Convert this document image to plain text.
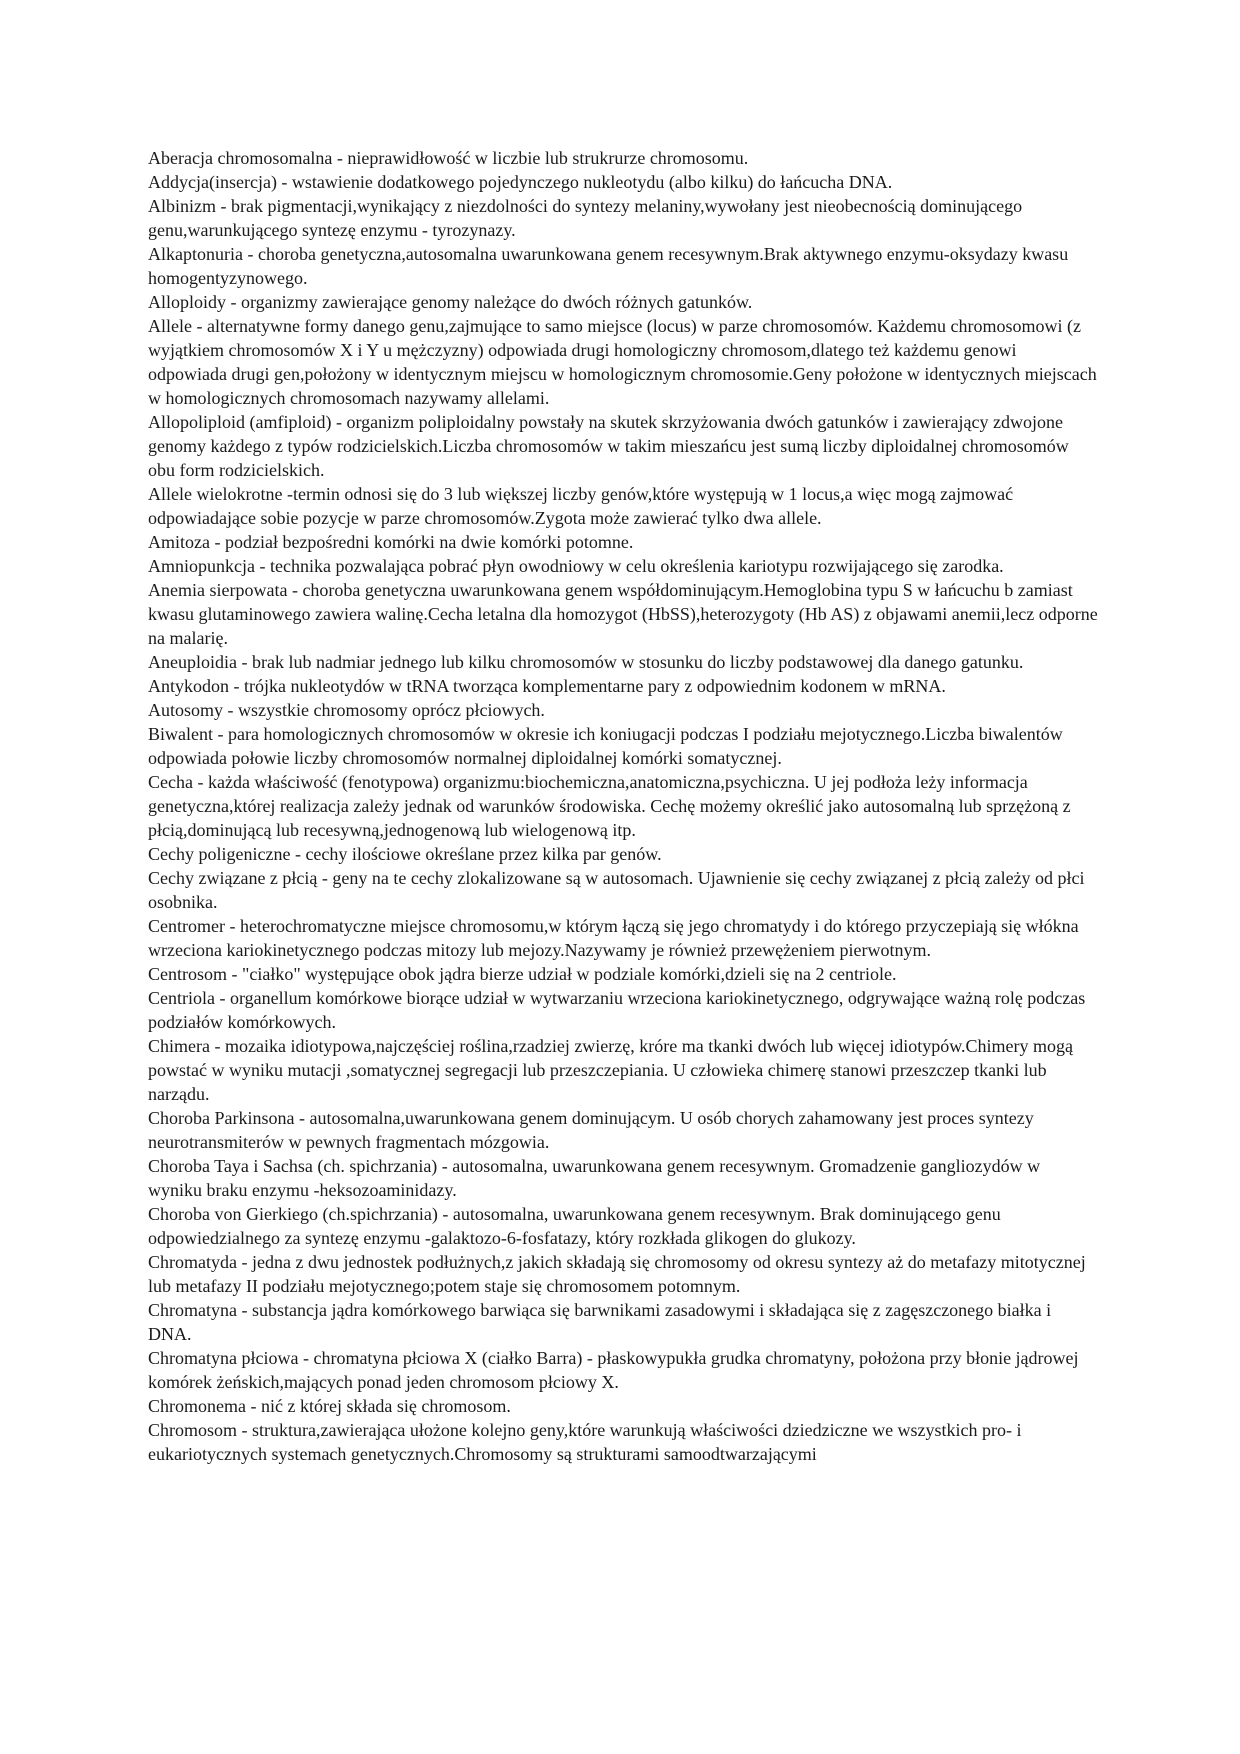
Aberacja chromosomalna - nieprawidłowość w liczbie lub strukrurze chromosomu.

Addycja(insercja) - wstawienie dodatkowego pojedynczego nukleotydu (albo kilku) do łańcucha DNA.

Albinizm - brak pigmentacji,wynikający z niezdolności do syntezy melaniny,wywołany jest nieobecnością dominującego genu,warunkującego syntezę enzymu - tyrozynazy.

Alkaptonuria - choroba genetyczna,autosomalna uwarunkowana genem recesywnym.Brak aktywnego enzymu-oksydazy kwasu homogentyzynowego.

Alloploidy - organizmy zawierające genomy należące do dwóch różnych gatunków.

Allele - alternatywne formy danego genu,zajmujące to samo miejsce (locus) w parze chromosomów. Każdemu chromosomowi (z wyjątkiem chromosomów X i Y u mężczyzny) odpowiada drugi homologiczny chromosom,dlatego też każdemu genowi odpowiada drugi gen,położony w identycznym miejscu w homologicznym chromosomie.Geny położone w identycznych miejscach w homologicznych chromosomach nazywamy allelami.

Allopoliploid (amfiploid) - organizm poliploidalny powstały na skutek skrzyżowania dwóch gatunków i zawierający zdwojone genomy każdego z typów rodzicielskich.Liczba chromosomów w takim mieszańcu jest sumą liczby diploidalnej chromosomów obu form rodzicielskich.

Allele wielokrotne -termin odnosi się do 3 lub większej liczby genów,które występują w 1 locus,a więc mogą zajmować odpowiadające sobie pozycje w parze chromosomów.Zygota może zawierać tylko dwa allele.

Amitoza - podział bezpośredni komórki na dwie komórki potomne.

Amniopunkcja - technika pozwalająca pobrać płyn owodniowy w celu określenia kariotypu rozwijającego się zarodka.

Anemia sierpowata - choroba genetyczna uwarunkowana genem współdominującym.Hemoglobina typu S w łańcuchu b zamiast kwasu glutaminowego zawiera walinę.Cecha letalna dla homozygot (HbSS),heterozygoty (Hb AS) z objawami anemii,lecz odporne na malarię.

Aneuploidia - brak lub nadmiar jednego lub kilku chromosomów w stosunku do liczby podstawowej dla danego gatunku.

Antykodon - trójka nukleotydów w tRNA tworząca komplementarne pary z odpowiednim kodonem w mRNA.

Autosomy - wszystkie chromosomy oprócz płciowych.

Biwalent - para homologicznych chromosomów w okresie ich koniugacji podczas I podziału mejotycznego.Liczba biwalentów odpowiada połowie liczby chromosomów normalnej diploidalnej komórki somatycznej.

Cecha - każda właściwość (fenotypowa) organizmu:biochemiczna,anatomiczna,psychiczna. U jej podłoża leży informacja genetyczna,której realizacja zależy jednak od warunków środowiska. Cechę możemy określić jako autosomalną lub sprzężoną z płcią,dominującą lub recesywną,jednogenową lub wielogenową itp.

Cechy poligeniczne - cechy ilościowe określane przez kilka par genów.

Cechy związane z płcią - geny na te cechy zlokalizowane są w autosomach. Ujawnienie się cechy związanej z płcią zależy od płci osobnika.

Centromer - heterochromatyczne miejsce chromosomu,w którym łączą się jego chromatydy i do którego przyczepiają się włókna wrzeciona kariokinetycznego podczas mitozy lub mejozy.Nazywamy je również przewężeniem pierwotnym.

Centrosom - "ciałko" występujące obok jądra bierze udział w podziale komórki,dzieli się na 2 centriole.

Centriola - organellum komórkowe biorące udział w wytwarzaniu wrzeciona kariokinetycznego, odgrywające ważną rolę podczas podziałów komórkowych.

Chimera - mozaika idiotypowa,najczęściej roślina,rzadziej zwierzę, króre ma tkanki dwóch lub więcej idiotypów.Chimery mogą powstać w wyniku mutacji ,somatycznej segregacji lub przeszczepiania. U człowieka chimerę stanowi przeszczep tkanki lub narządu.

Choroba Parkinsona - autosomalna,uwarunkowana genem dominującym. U osób chorych zahamowany jest proces syntezy neurotransmiterów w pewnych fragmentach mózgowia.

Choroba Taya i Sachsa (ch. spichrzania) - autosomalna, uwarunkowana genem recesywnym. Gromadzenie gangliozydów w wyniku braku enzymu -heksozoaminidazy.

Choroba von Gierkiego (ch.spichrzania) - autosomalna, uwarunkowana genem recesywnym. Brak dominującego genu odpowiedzialnego za syntezę enzymu -galaktozo-6-fosfatazy, który rozkłada glikogen do glukozy.

Chromatyda - jedna z dwu jednostek podłużnych,z jakich składają się chromosomy od okresu syntezy aż do metafazy mitotycznej lub metafazy II podziału mejotycznego;potem staje się chromosomem potomnym.

Chromatyna - substancja jądra komórkowego barwiąca się barwnikami zasadowymi i składająca się z zagęszczonego białka i DNA.

Chromatyna płciowa - chromatyna płciowa X (ciałko Barra) - płaskowypukła grudka chromatyny, położona przy błonie jądrowej komórek żeńskich,mających ponad jeden chromosom płciowy X.

Chromonema - nić z której składa się chromosom.

Chromosom - struktura,zawierająca ułożone kolejno geny,które warunkują właściwości dziedziczne we wszystkich pro- i eukariotycznych systemach genetycznych.Chromosomy są strukturami samoodtwarzającymi
